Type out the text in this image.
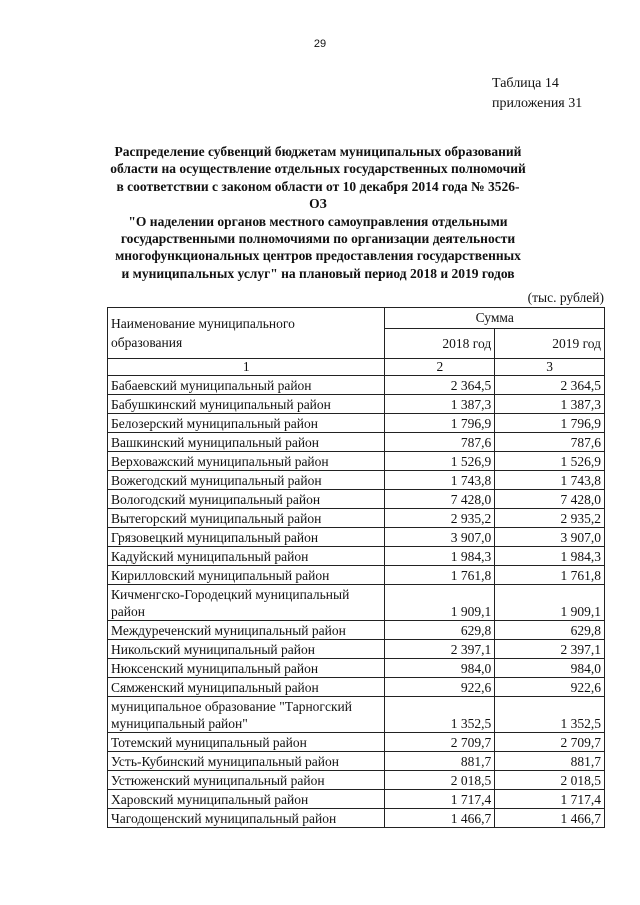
29
Таблица 14
приложения 31
Распределение субвенций бюджетам муниципальных образований
области на осуществление отдельных государственных полномочий
в соответствии с законом области от 10 декабря 2014 года № 3526-ОЗ
"О наделении органов местного самоуправления отдельными
государственными полномочиями по организации деятельности
многофункциональных центров предоставления государственных
и муниципальных услуг" на плановый период 2018 и 2019 годов
(тыс. рублей)
Наименование муниципального
образования	Сумма	
	2018 год	2019 год
1	2	3
Бабаевский муниципальный район	2 364,5	2 364,5
Бабушкинский муниципальный район	1 387,3	1 387,3
Белозерский муниципальный район	1 796,9	1 796,9
Вашкинский муниципальный район	787,6	787,6
Верховажский муниципальный район	1 526,9	1 526,9
Вожегодский муниципальный район	1 743,8	1 743,8
Вологодский муниципальный район	7 428,0	7 428,0
Вытегорский муниципальный район	2 935,2	2 935,2
Грязовецкий муниципальный район	3 907,0	3 907,0
Кадуйский муниципальный район	1 984,3	1 984,3
Кирилловский муниципальный район	1 761,8	1 761,8
Кичменгско-Городецкий муниципальный район	1 909,1	1 909,1
Междуреченский муниципальный район	629,8	629,8
Никольский муниципальный район	2 397,1	2 397,1
Нюксенский муниципальный район	984,0	984,0
Сямженский муниципальный район	922,6	922,6
муниципальное образование "Тарногский муниципальный район"	1 352,5	1 352,5
Тотемский муниципальный район	2 709,7	2 709,7
Усть-Кубинский муниципальный район	881,7	881,7
Устюженский муниципальный район	2 018,5	2 018,5
Харовский муниципальный район	1 717,4	1 717,4
Чагодощенский муниципальный район	1 466,7	1 466,7
